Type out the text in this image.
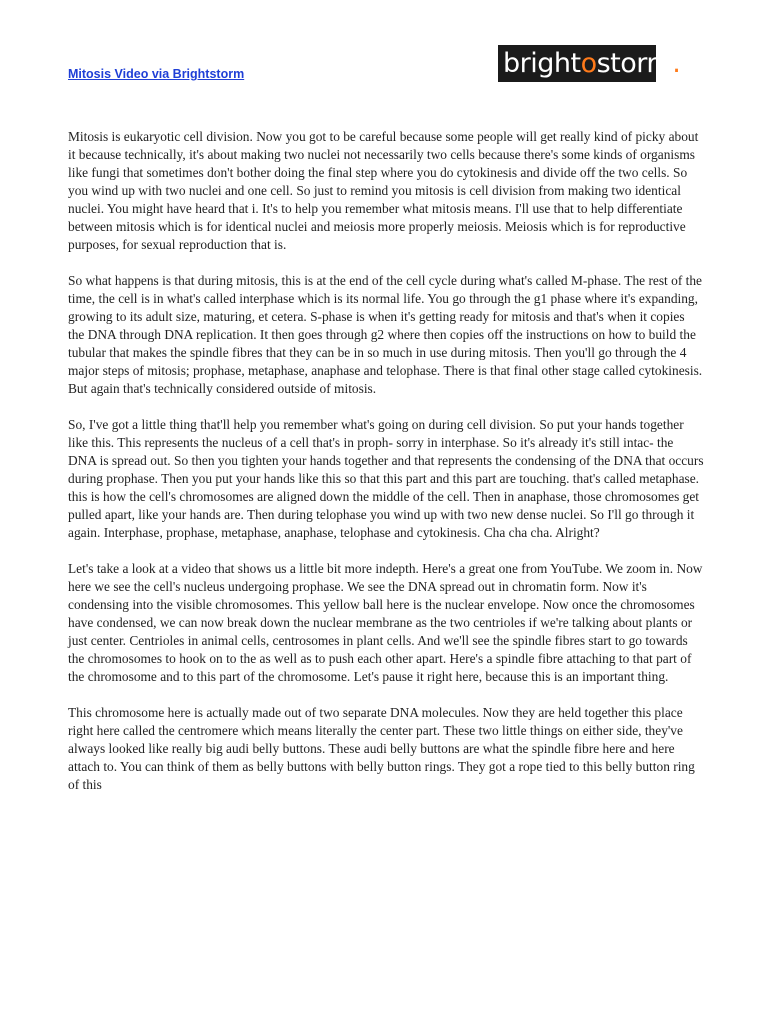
Mitosis Video via Brightstorm	bright o storm .

Mitosis is eukaryotic cell division. Now you got to be careful because some people will get really kind of picky about it because technically, it's about making two nuclei not necessarily two cells because there's some kinds of organisms like fungi that sometimes don't bother doing the final step where you do cytokinesis and divide off the two cells. So you wind up with two nuclei and one cell. So just to remind you mitosis is cell division from making two identical nuclei. You might have heard that i. It's to help you remember what mitosis means. I'll use that to help differentiate between mitosis which is for identical nuclei and meiosis more properly meiosis. Meiosis which is for reproductive purposes, for sexual reproduction that is.

So what happens is that during mitosis, this is at the end of the cell cycle during what's called M-phase. The rest of the time, the cell is in what's called interphase which is its normal life. You go through the g1 phase where it's expanding, growing to its adult size, maturing, et cetera. S-phase is when it's getting ready for mitosis and that's when it copies the DNA through DNA replication. It then goes through g2 where then copies off the instructions on how to build the tubular that makes the spindle fibres that they can be in so much in use during mitosis. Then you'll go through the 4 major steps of mitosis; prophase, metaphase, anaphase and telophase. There is that final other stage called cytokinesis. But again that's technically considered outside of mitosis.

So, I've got a little thing that'll help you remember what's going on during cell division. So put your hands together like this. This represents the nucleus of a cell that's in proph- sorry in interphase. So it's already it's still intac- the DNA is spread out. So then you tighten your hands together and that represents the condensing of the DNA that occurs during prophase. Then you put your hands like this so that this part and this part are touching. that's called metaphase. this is how the cell's chromosomes are aligned down the middle of the cell. Then in anaphase, those chromosomes get pulled apart, like your hands are. Then during telophase you wind up with two new dense nuclei. So I'll go through it again. Interphase, prophase, metaphase, anaphase, telophase and cytokinesis. Cha cha cha. Alright?

Let's take a look at a video that shows us a little bit more indepth. Here's a great one from YouTube. We zoom in. Now here we see the cell's nucleus undergoing prophase. We see the DNA spread out in chromatin form. Now it's condensing into the visible chromosomes. This yellow ball here is the nuclear envelope. Now once the chromosomes have condensed, we can now break down the nuclear membrane as the two centrioles if we're talking about plants or just center. Centrioles in animal cells, centrosomes in plant cells. And we'll see the spindle fibres start to go towards the chromosomes to hook on to the as well as to push each other apart. Here's a spindle fibre attaching to that part of the chromosome and to this part of the chromosome. Let's pause it right here, because this is an important thing.

This chromosome here is actually made out of two separate DNA molecules. Now they are held together this place right here called the centromere which means literally the center part. These two little things on either side, they've always looked like really big audi belly buttons. These audi belly buttons are what the spindle fibre here and here attach to. You can think of them as belly buttons with belly button rings. They got a rope tied to this belly button ring of this
